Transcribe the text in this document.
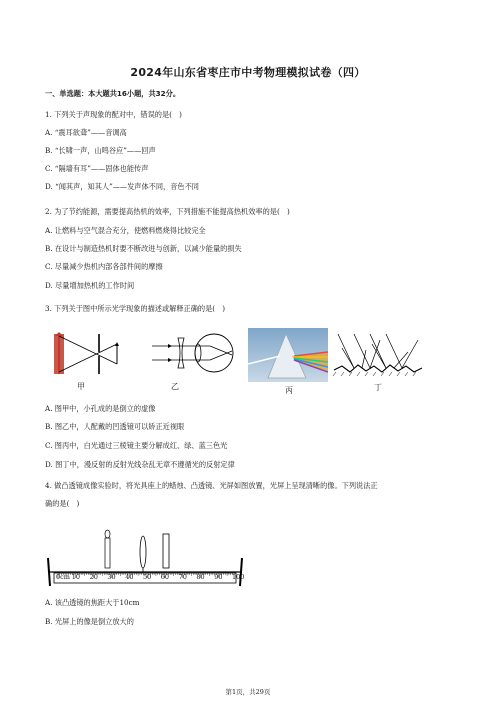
2024年山东省枣庄市中考物理模拟试卷（四）
一、单选题：本大题共16小题，共32分。
1. 下列关于声现象的配对中，错误的是(　)
A. “震耳欲聋”——音调高
B. “长啸一声，山鸣谷应”——回声
C. “隔墙有耳”——固体也能传声
D. “闻其声，知其人”——发声体不同，音色不同
2. 为了节约能源，需要提高热机的效率，下列措施不能提高热机效率的是(　)
A. 让燃料与空气混合充分，使燃料燃烧得比较完全
B. 在设计与制造热机时要不断改进与创新，以减少能量的损失
C. 尽量减少热机内部各部件间的摩擦
D. 尽量增加热机的工作时间
3. 下列关于图中所示光学现象的描述或解释正确的是(　)
甲	乙	丙	丁
A. 图甲中，小孔成的是倒立的虚像
B. 图乙中，人配戴的凹透镜可以矫正近视眼
C. 图丙中，白光通过三棱镜主要分解成红、绿、蓝三色光
D. 图丁中，漫反射的反射光线杂乱无章不遵循光的反射定律
4. 做凸透镜成像实验时，将光具座上的蜡烛、凸透镜、光屏如图放置，光屏上呈现清晰的像。下列说法正
确的是(　)
0cm 10 20 30 40 50 60 70 80 90 100
A. 该凸透镜的焦距大于10cm
B. 光屏上的像是倒立放大的
第1页，共29页
